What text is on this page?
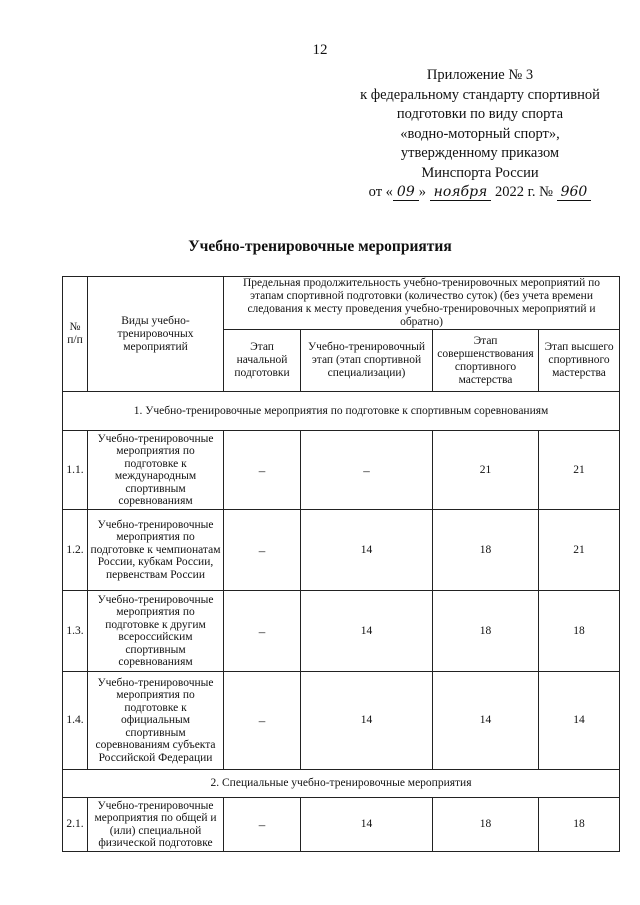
12
Приложение № 3
к федеральному стандарту спортивной
подготовки по виду спорта
«водно-моторный спорт»,
утвержденному приказом
Минспорта России
от « 09 » ноября 2022 г. № 960
Учебно-тренировочные мероприятия
№ п/п	Виды учебно-тренировочных мероприятий	Предельная продолжительность учебно-тренировочных мероприятий по этапам спортивной подготовки (количество суток) (без учета времени следования к месту проведения учебно-тренировочных мероприятий и обратно)			
		Этап начальной подготовки	Учебно-тренировочный этап (этап спортивной специализации)	Этап совершенствования спортивного мастерства	Этап высшего спортивного мастерства
1. Учебно-тренировочные мероприятия по подготовке к спортивным соревнованиям					
1.1.	Учебно-тренировочные мероприятия по подготовке к международным спортивным соревнованиям	–	–	21	21
1.2.	Учебно-тренировочные мероприятия по подготовке к чемпионатам России, кубкам России, первенствам России	–	14	18	21
1.3.	Учебно-тренировочные мероприятия по подготовке к другим всероссийским спортивным соревнованиям	–	14	18	18
1.4.	Учебно-тренировочные мероприятия по подготовке к официальным спортивным соревнованиям субъекта Российской Федерации	–	14	14	14
2. Специальные учебно-тренировочные мероприятия					
2.1.	Учебно-тренировочные мероприятия по общей и (или) специальной физической подготовке	–	14	18	18
